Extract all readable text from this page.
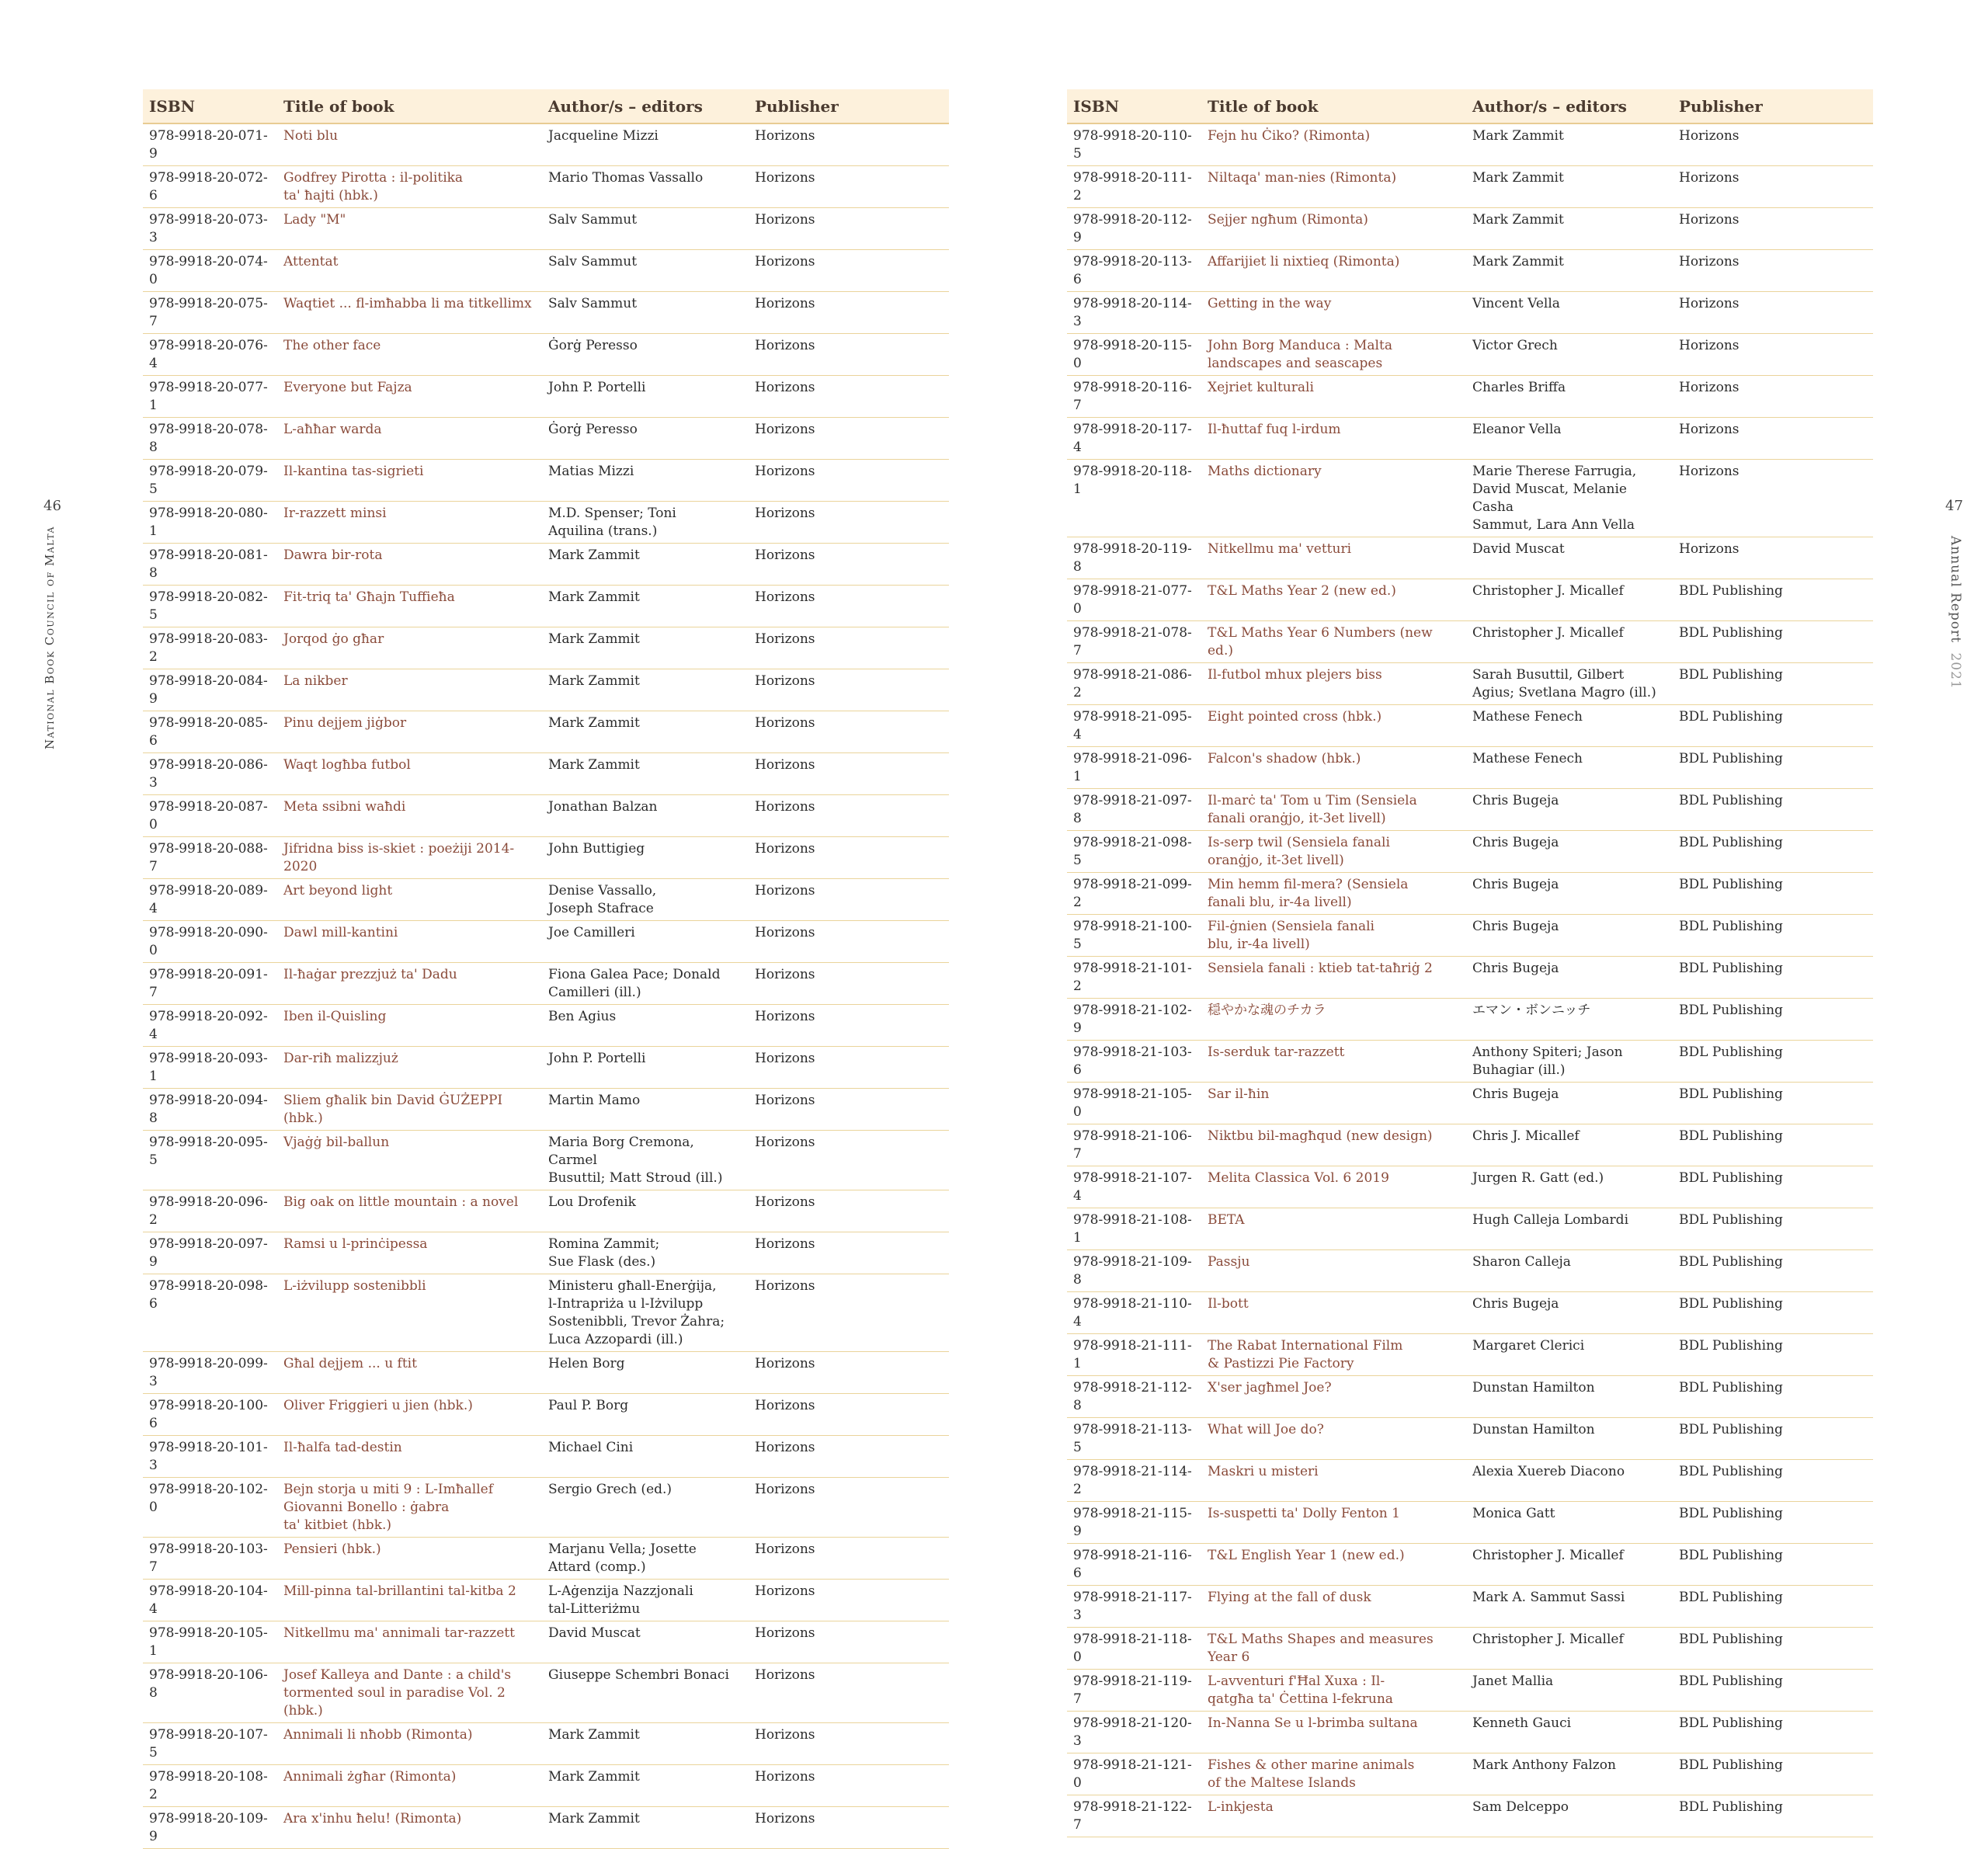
ISBN	Title of book	Author/s – editors	Publisher
978-9918-20-071-9	Noti blu	Jacqueline Mizzi	Horizons
978-9918-20-072-6	Godfrey Pirotta : il-politika
ta' ħajti (hbk.)	Mario Thomas Vassallo	Horizons
978-9918-20-073-3	Lady "M"	Salv Sammut	Horizons
978-9918-20-074-0	Attentat	Salv Sammut	Horizons
978-9918-20-075-7	Waqtiet ... fl-imħabba li ma titkellimx	Salv Sammut	Horizons
978-9918-20-076-4	The other face	Ġorġ Peresso	Horizons
978-9918-20-077-1	Everyone but Fajza	John P. Portelli	Horizons
978-9918-20-078-8	L-aħħar warda	Ġorġ Peresso	Horizons
978-9918-20-079-5	Il-kantina tas-sigrieti	Matias Mizzi	Horizons
978-9918-20-080-1	Ir-razzett minsi	M.D. Spenser; Toni
Aquilina (trans.)	Horizons
978-9918-20-081-8	Dawra bir-rota	Mark Zammit	Horizons
978-9918-20-082-5	Fit-triq ta' Għajn Tuffieħa	Mark Zammit	Horizons
978-9918-20-083-2	Jorqod ġo għar	Mark Zammit	Horizons
978-9918-20-084-9	La nikber	Mark Zammit	Horizons
978-9918-20-085-6	Pinu dejjem jiġbor	Mark Zammit	Horizons
978-9918-20-086-3	Waqt logħba futbol	Mark Zammit	Horizons
978-9918-20-087-0	Meta ssibni waħdi	Jonathan Balzan	Horizons
978-9918-20-088-7	Jifridna biss is-skiet : poeżiji 2014-2020	John Buttigieg	Horizons
978-9918-20-089-4	Art beyond light	Denise Vassallo,
Joseph Stafrace	Horizons
978-9918-20-090-0	Dawl mill-kantini	Joe Camilleri	Horizons
978-9918-20-091-7	Il-ħaġar prezzjuż ta' Dadu	Fiona Galea Pace; Donald
Camilleri (ill.)	Horizons
978-9918-20-092-4	Iben il-Quisling	Ben Agius	Horizons
978-9918-20-093-1	Dar-riħ malizzjuż	John P. Portelli	Horizons
978-9918-20-094-8	Sliem għalik bin David ĠUŻEPPI (hbk.)	Martin Mamo	Horizons
978-9918-20-095-5	Vjaġġ bil-ballun	Maria Borg Cremona, Carmel
Busuttil; Matt Stroud (ill.)	Horizons
978-9918-20-096-2	Big oak on little mountain : a novel	Lou Drofenik	Horizons
978-9918-20-097-9	Ramsi u l-prinċipessa	Romina Zammit;
Sue Flask (des.)	Horizons
978-9918-20-098-6	L-iżvilupp sostenibbli	Ministeru għall-Enerġija,
l-Intrapriża u l-Iżvilupp
Sostenibbli, Trevor Żahra;
Luca Azzopardi (ill.)	Horizons
978-9918-20-099-3	Għal dejjem ... u ftit	Helen Borg	Horizons
978-9918-20-100-6	Oliver Friggieri u jien (hbk.)	Paul P. Borg	Horizons
978-9918-20-101-3	Il-ħalfa tad-destin	Michael Cini	Horizons
978-9918-20-102-0	Bejn storja u miti 9 : L-Imħallef
Giovanni Bonello : ġabra
ta' kitbiet (hbk.)	Sergio Grech (ed.)	Horizons
978-9918-20-103-7	Pensieri (hbk.)	Marjanu Vella; Josette
Attard (comp.)	Horizons
978-9918-20-104-4	Mill-pinna tal-brillantini tal-kitba 2	L-Aġenzija Nazzjonali
tal-Litteriżmu	Horizons
978-9918-20-105-1	Nitkellmu ma' annimali tar-razzett	David Muscat	Horizons
978-9918-20-106-8	Josef Kalleya and Dante : a child's
tormented soul in paradise Vol. 2 (hbk.)	Giuseppe Schembri Bonaci	Horizons
978-9918-20-107-5	Annimali li nħobb (Rimonta)	Mark Zammit	Horizons
978-9918-20-108-2	Annimali żgħar (Rimonta)	Mark Zammit	Horizons
978-9918-20-109-9	Ara x'inhu ħelu! (Rimonta)	Mark Zammit	Horizons
ISBN	Title of book	Author/s – editors	Publisher
978-9918-20-110-5	Fejn hu Ċiko? (Rimonta)	Mark Zammit	Horizons
978-9918-20-111-2	Niltaqa' man-nies (Rimonta)	Mark Zammit	Horizons
978-9918-20-112-9	Sejjer ngħum (Rimonta)	Mark Zammit	Horizons
978-9918-20-113-6	Affarijiet li nixtieq (Rimonta)	Mark Zammit	Horizons
978-9918-20-114-3	Getting in the way	Vincent Vella	Horizons
978-9918-20-115-0	John Borg Manduca : Malta
landscapes and seascapes	Victor Grech	Horizons
978-9918-20-116-7	Xejriet kulturali	Charles Briffa	Horizons
978-9918-20-117-4	Il-ħuttaf fuq l-irdum	Eleanor Vella	Horizons
978-9918-20-118-1	Maths dictionary	Marie Therese Farrugia,
David Muscat, Melanie Casha
Sammut, Lara Ann Vella	Horizons
978-9918-20-119-8	Nitkellmu ma' vetturi	David Muscat	Horizons
978-9918-21-077-0	T&L Maths Year 2 (new ed.)	Christopher J. Micallef	BDL Publishing
978-9918-21-078-7	T&L Maths Year 6 Numbers (new ed.)	Christopher J. Micallef	BDL Publishing
978-9918-21-086-2	Il-futbol mhux plejers biss	Sarah Busuttil, Gilbert
Agius; Svetlana Magro (ill.)	BDL Publishing
978-9918-21-095-4	Eight pointed cross (hbk.)	Mathese Fenech	BDL Publishing
978-9918-21-096-1	Falcon's shadow (hbk.)	Mathese Fenech	BDL Publishing
978-9918-21-097-8	Il-marċ ta' Tom u Tim (Sensiela
fanali oranġjo, it-3et livell)	Chris Bugeja	BDL Publishing
978-9918-21-098-5	Is-serp twil (Sensiela fanali
oranġjo, it-3et livell)	Chris Bugeja	BDL Publishing
978-9918-21-099-2	Min hemm fil-mera? (Sensiela
fanali blu, ir-4a livell)	Chris Bugeja	BDL Publishing
978-9918-21-100-5	Fil-ġnien (Sensiela fanali
blu, ir-4a livell)	Chris Bugeja	BDL Publishing
978-9918-21-101-2	Sensiela fanali : ktieb tat-taħriġ 2	Chris Bugeja	BDL Publishing
978-9918-21-102-9	穏やかな魂のチカラ	エマン・ボンニッチ	BDL Publishing
978-9918-21-103-6	Is-serduk tar-razzett	Anthony Spiteri; Jason
Buhagiar (ill.)	BDL Publishing
978-9918-21-105-0	Sar il-ħin	Chris Bugeja	BDL Publishing
978-9918-21-106-7	Niktbu bil-magħqud (new design)	Chris J. Micallef	BDL Publishing
978-9918-21-107-4	Melita Classica Vol. 6 2019	Jurgen R. Gatt (ed.)	BDL Publishing
978-9918-21-108-1	BETA	Hugh Calleja Lombardi	BDL Publishing
978-9918-21-109-8	Passju	Sharon Calleja	BDL Publishing
978-9918-21-110-4	Il-bott	Chris Bugeja	BDL Publishing
978-9918-21-111-1	The Rabat International Film
& Pastizzi Pie Factory	Margaret Clerici	BDL Publishing
978-9918-21-112-8	X'ser jagħmel Joe?	Dunstan Hamilton	BDL Publishing
978-9918-21-113-5	What will Joe do?	Dunstan Hamilton	BDL Publishing
978-9918-21-114-2	Maskri u misteri	Alexia Xuereb Diacono	BDL Publishing
978-9918-21-115-9	Is-suspetti ta' Dolly Fenton 1	Monica Gatt	BDL Publishing
978-9918-21-116-6	T&L English Year 1 (new ed.)	Christopher J. Micallef	BDL Publishing
978-9918-21-117-3	Flying at the fall of dusk	Mark A. Sammut Sassi	BDL Publishing
978-9918-21-118-0	T&L Maths Shapes and measures Year 6	Christopher J. Micallef	BDL Publishing
978-9918-21-119-7	L-avventuri f'Ħal Xuxa : Il-
qatgħa ta' Ċettina l-fekruna	Janet Mallia	BDL Publishing
978-9918-21-120-3	In-Nanna Se u l-brimba sultana	Kenneth Gauci	BDL Publishing
978-9918-21-121-0	Fishes & other marine animals
of the Maltese Islands	Mark Anthony Falzon	BDL Publishing
978-9918-21-122-7	L-inkjesta	Sam Delceppo	BDL Publishing
46	47
National Book Council of Malta	Annual Report 2021
